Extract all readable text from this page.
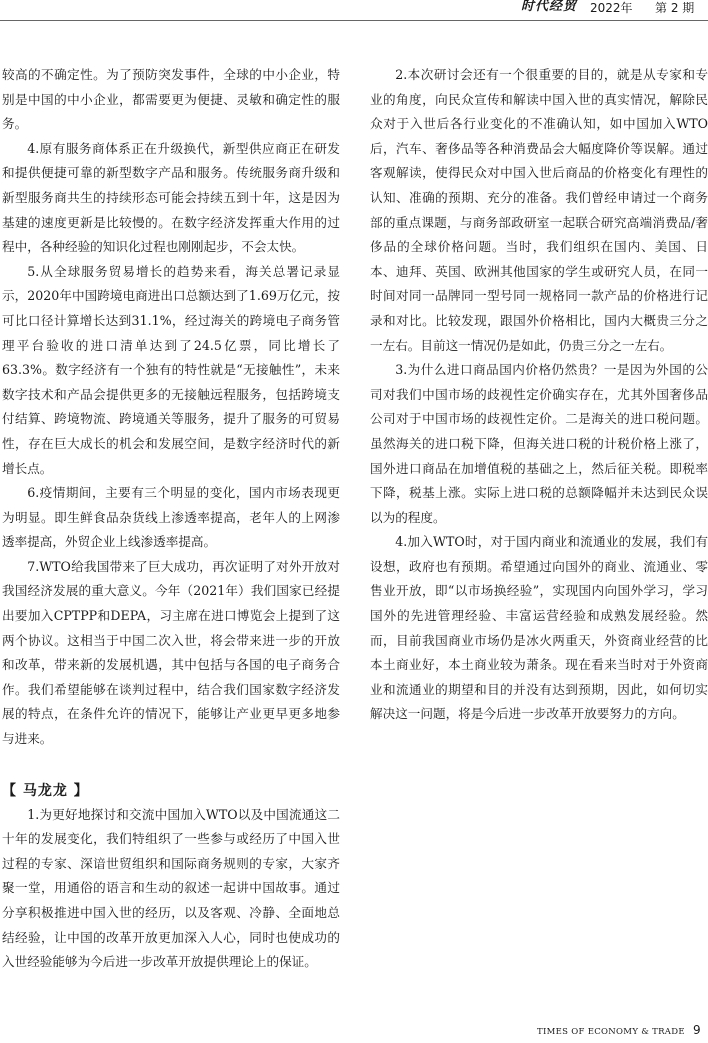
时代经贸 2022年 第 2 期

较高的不确定性。为了预防突发事件，全球的中小企业，特别是中国的中小企业，都需要更为便捷、灵敏和确定性的服务。

4.原有服务商体系正在升级换代，新型供应商正在研发和提供便捷可靠的新型数字产品和服务。传统服务商升级和新型服务商共生的持续形态可能会持续五到十年，这是因为基建的速度更新是比较慢的。在数字经济发挥重大作用的过程中，各种经验的知识化过程也刚刚起步，不会太快。

5.从全球服务贸易增长的趋势来看，海关总署记录显示，2020年中国跨境电商进出口总额达到了1.69万亿元，按可比口径计算增长达到31.1%，经过海关的跨境电子商务管理平台验收的进口清单达到了24.5亿票，同比增长了63.3%。数字经济有一个独有的特性就是“无接触性”，未来数字技术和产品会提供更多的无接触远程服务，包括跨境支付结算、跨境物流、跨境通关等服务，提升了服务的可贸易性，存在巨大成长的机会和发展空间，是数字经济时代的新增长点。

6.疫情期间，主要有三个明显的变化，国内市场表现更为明显。即生鲜食品杂货线上渗透率提高，老年人的上网渗透率提高，外贸企业上线渗透率提高。

7.WTO给我国带来了巨大成功，再次证明了对外开放对我国经济发展的重大意义。今年（2021年）我们国家已经提出要加入CPTPP和DEPA，习主席在进口博览会上提到了这两个协议。这相当于中国二次入世，将会带来进一步的开放和改革，带来新的发展机遇，其中包括与各国的电子商务合作。我们希望能够在谈判过程中，结合我们国家数字经济发展的特点，在条件允许的情况下，能够让产业更早更多地参与进来。

【 马龙龙 】

1.为更好地探讨和交流中国加入WTO以及中国流通这二十年的发展变化，我们特组织了一些参与或经历了中国入世过程的专家、深谙世贸组织和国际商务规则的专家，大家齐聚一堂，用通俗的语言和生动的叙述一起讲中国故事。通过分享积极推进中国入世的经历，以及客观、冷静、全面地总结经验，让中国的改革开放更加深入人心，同时也使成功的入世经验能够为今后进一步改革开放提供理论上的保证。

2.本次研讨会还有一个很重要的目的，就是从专家和专业的角度，向民众宣传和解读中国入世的真实情况，解除民众对于入世后各行业变化的不准确认知，如中国加入WTO后，汽车、奢侈品等各种消费品会大幅度降价等误解。通过客观解读，使得民众对中国入世后商品的价格变化有理性的认知、准确的预期、充分的准备。我们曾经申请过一个商务部的重点课题，与商务部政研室一起联合研究高端消费品/奢侈品的全球价格问题。当时，我们组织在国内、美国、日本、迪拜、英国、欧洲其他国家的学生或研究人员，在同一时间对同一品牌同一型号同一规格同一款产品的价格进行记录和对比。比较发现，跟国外价格相比，国内大概贵三分之一左右。目前这一情况仍是如此，仍贵三分之一左右。

3.为什么进口商品国内价格仍然贵？一是因为外国的公司对我们中国市场的歧视性定价确实存在，尤其外国奢侈品公司对于中国市场的歧视性定价。二是海关的进口税问题。虽然海关的进口税下降，但海关进口税的计税价格上涨了，国外进口商品在加增值税的基础之上，然后征关税。即税率下降，税基上涨。实际上进口税的总额降幅并未达到民众误以为的程度。

4.加入WTO时，对于国内商业和流通业的发展，我们有设想，政府也有预期。希望通过向国外的商业、流通业、零售业开放，即“以市场换经验”，实现国内向国外学习，学习国外的先进管理经验、丰富运营经验和成熟发展经验。然而，目前我国商业市场仍是冰火两重天，外资商业经营的比本土商业好，本土商业较为萧条。现在看来当时对于外资商业和流通业的期望和目的并没有达到预期，因此，如何切实解决这一问题，将是今后进一步改革开放要努力的方向。

TIMES OF ECONOMY & TRADE 9
